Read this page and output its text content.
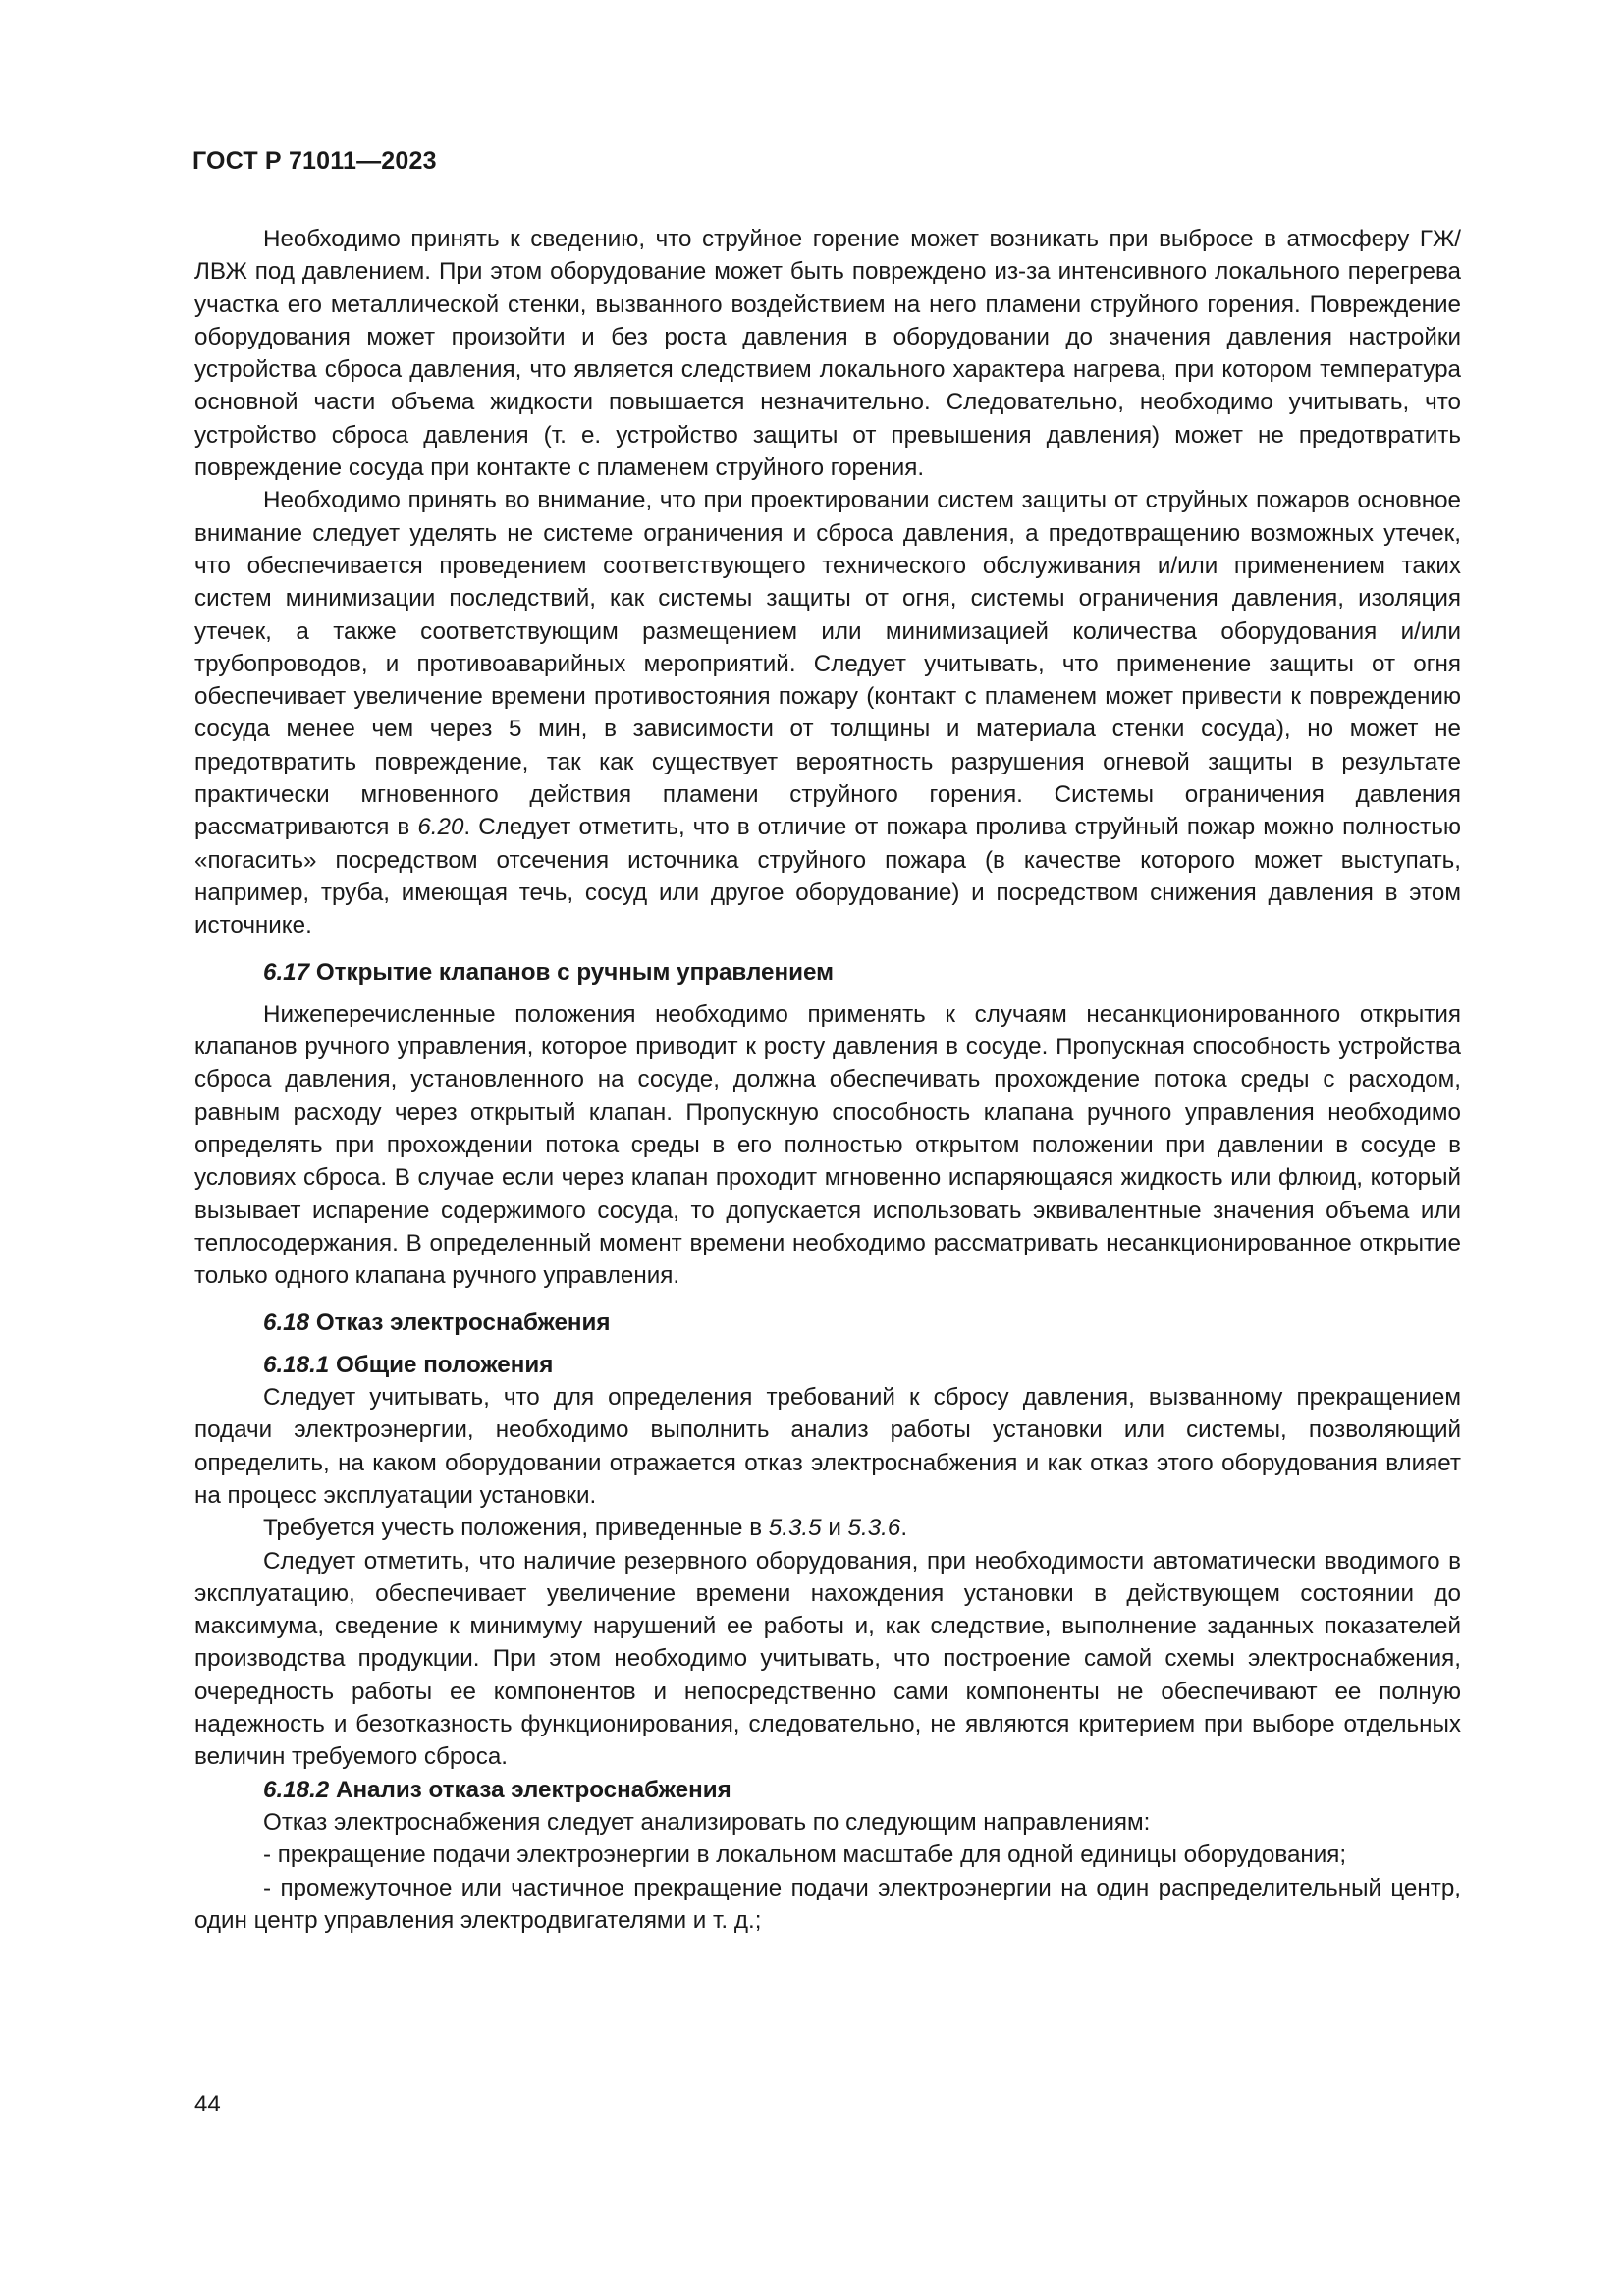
ГОСТ Р 71011—2023

Необходимо принять к сведению, что струйное горение может возникать при выбросе в атмосферу ГЖ/ЛВЖ под давлением. При этом оборудование может быть повреждено из-за интенсивного локального перегрева участка его металлической стенки, вызванного воздействием на него пламени струйного горения. Повреждение оборудования может произойти и без роста давления в оборудовании до значения давления настройки устройства сброса давления, что является следствием локального характера нагрева, при котором температура основной части объема жидкости повышается незначительно. Следовательно, необходимо учитывать, что устройство сброса давления (т. е. устройство защиты от превышения давления) может не предотвратить повреждение сосуда при контакте с пламенем струйного горения.

Необходимо принять во внимание, что при проектировании систем защиты от струйных пожаров основное внимание следует уделять не системе ограничения и сброса давления, а предотвращению возможных утечек, что обеспечивается проведением соответствующего технического обслуживания и/или применением таких систем минимизации последствий, как системы защиты от огня, системы ограничения давления, изоляция утечек, а также соответствующим размещением или минимизацией количества оборудования и/или трубопроводов, и противоаварийных мероприятий. Следует учитывать, что применение защиты от огня обеспечивает увеличение времени противостояния пожару (контакт с пламенем может привести к повреждению сосуда менее чем через 5 мин, в зависимости от толщины и материала стенки сосуда), но может не предотвратить повреждение, так как существует вероятность разрушения огневой защиты в результате практически мгновенного действия пламени струйного горения. Системы ограничения давления рассматриваются в 6.20. Следует отметить, что в отличие от пожара пролива струйный пожар можно полностью «погасить» посредством отсечения источника струйного пожара (в качестве которого может выступать, например, труба, имеющая течь, сосуд или другое оборудование) и посредством снижения давления в этом источнике.

6.17 Открытие клапанов с ручным управлением

Нижеперечисленные положения необходимо применять к случаям несанкционированного открытия клапанов ручного управления, которое приводит к росту давления в сосуде. Пропускная способность устройства сброса давления, установленного на сосуде, должна обеспечивать прохождение потока среды с расходом, равным расходу через открытый клапан. Пропускную способность клапана ручного управления необходимо определять при прохождении потока среды в его полностью открытом положении при давлении в сосуде в условиях сброса. В случае если через клапан проходит мгновенно испаряющаяся жидкость или флюид, который вызывает испарение содержимого сосуда, то допускается использовать эквивалентные значения объема или теплосодержания. В определенный момент времени необходимо рассматривать несанкционированное открытие только одного клапана ручного управления.

6.18 Отказ электроснабжения

6.18.1 Общие положения

Следует учитывать, что для определения требований к сбросу давления, вызванному прекращением подачи электроэнергии, необходимо выполнить анализ работы установки или системы, позволяющий определить, на каком оборудовании отражается отказ электроснабжения и как отказ этого оборудования влияет на процесс эксплуатации установки.

Требуется учесть положения, приведенные в 5.3.5 и 5.3.6.

Следует отметить, что наличие резервного оборудования, при необходимости автоматически вводимого в эксплуатацию, обеспечивает увеличение времени нахождения установки в действующем состоянии до максимума, сведение к минимуму нарушений ее работы и, как следствие, выполнение заданных показателей производства продукции. При этом необходимо учитывать, что построение самой схемы электроснабжения, очередность работы ее компонентов и непосредственно сами компоненты не обеспечивают ее полную надежность и безотказность функционирования, следовательно, не являются критерием при выборе отдельных величин требуемого сброса.

6.18.2 Анализ отказа электроснабжения

Отказ электроснабжения следует анализировать по следующим направлениям:

- прекращение подачи электроэнергии в локальном масштабе для одной единицы оборудования;

- промежуточное или частичное прекращение подачи электроэнергии на один распределительный центр, один центр управления электродвигателями и т. д.;

44
